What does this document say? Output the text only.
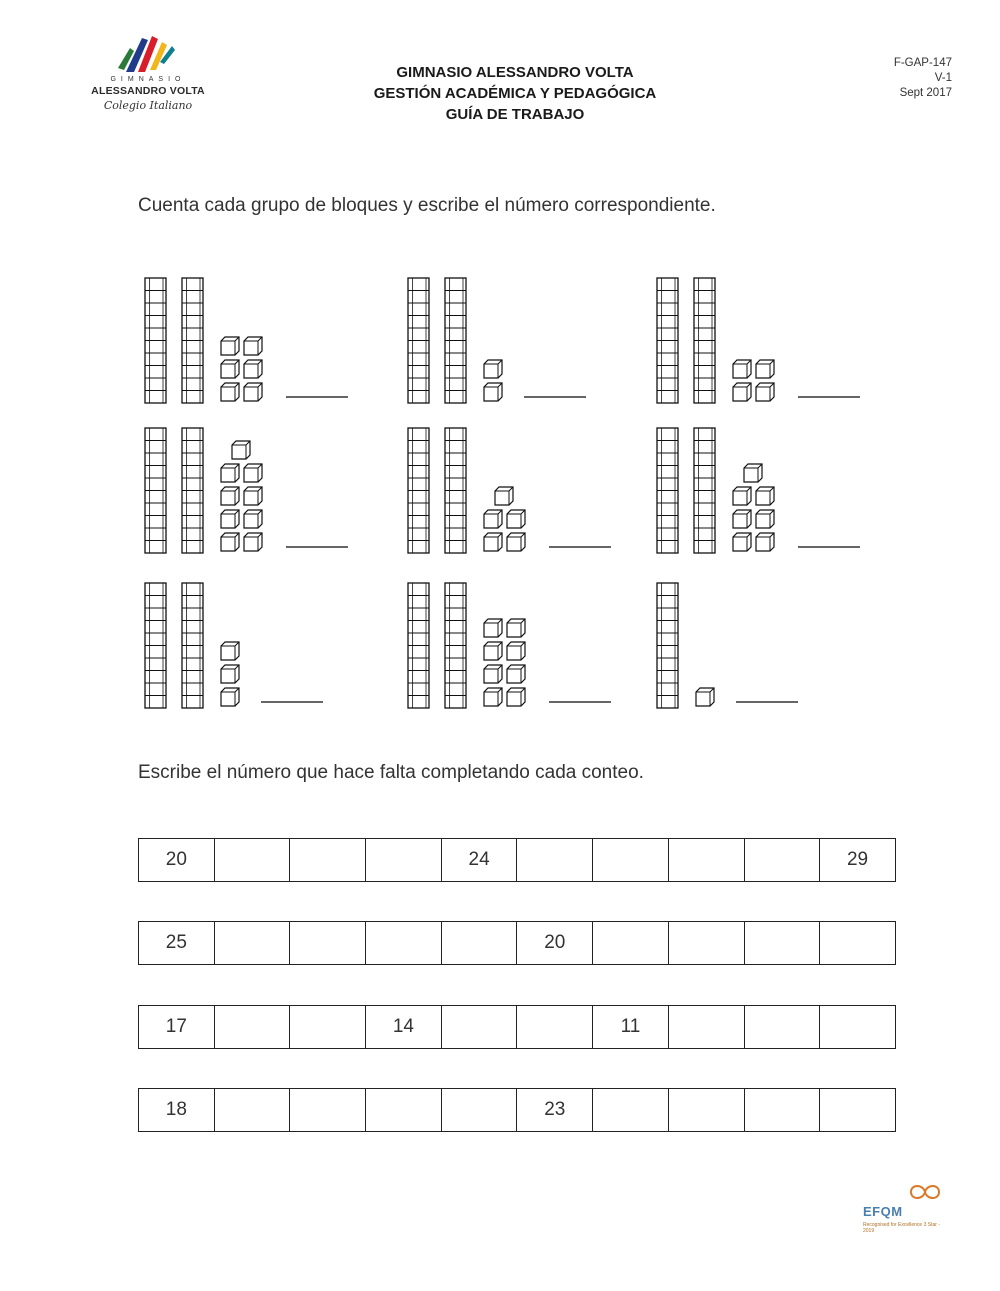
GIMNASIO
ALESSANDRO VOLTA
Colegio Italiano
GIMNASIO ALESSANDRO VOLTA
GESTIÓN ACADÉMICA Y PEDAGÓGICA
GUÍA DE TRABAJO
F-GAP-147
V-1
Sept 2017
Cuenta cada grupo de bloques y escribe el número correspondiente.
Escribe el número que hace falta completando cada conteo.
20				24					29
25					20				
17			14			11			
18					23				
EFQM
Recognised for Excellence 3 Star - 2019
